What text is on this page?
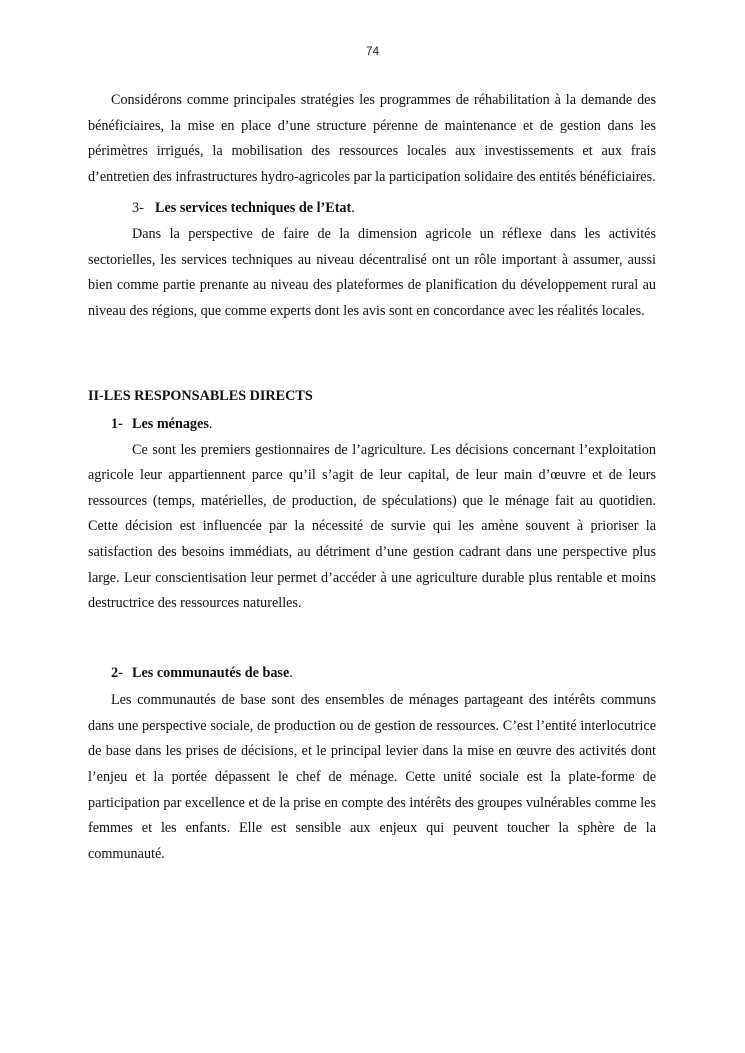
74

Considérons comme principales stratégies les programmes de réhabilitation à la demande des bénéficiaires, la mise en place d’une structure pérenne de maintenance et de gestion dans les périmètres irrigués, la mobilisation des ressources locales aux investissements et aux frais d’entretien des infrastructures hydro-agricoles par la participation solidaire des entités bénéficiaires.

3- Les services techniques de l’Etat.

Dans la perspective de faire de la dimension agricole un réflexe dans les activités sectorielles, les services techniques au niveau décentralisé ont un rôle important à assumer, aussi bien comme partie prenante au niveau des plateformes de planification du développement rural au niveau des régions, que comme experts dont les avis sont en concordance avec les réalités locales.

II-LES RESPONSABLES DIRECTS
1- Les ménages.

Ce sont les premiers gestionnaires de l’agriculture. Les décisions concernant l’exploitation agricole leur appartiennent parce qu’il s’agit de leur capital, de leur main d’œuvre et de leurs ressources (temps, matérielles, de production, de spéculations) que le ménage fait au quotidien. Cette décision est influencée par la nécessité de survie qui les amène souvent à prioriser la satisfaction des besoins immédiats, au détriment d’une gestion cadrant dans une perspective plus large. Leur conscientisation leur permet d’accéder à une agriculture durable plus rentable et moins destructrice des ressources naturelles.

2- Les communautés de base.

Les communautés de base sont des ensembles de ménages partageant des intérêts communs dans une perspective sociale, de production ou de gestion de ressources. C’est l’entité interlocutrice de base dans les prises de décisions, et le principal levier dans la mise en œuvre des activités dont l’enjeu et la portée dépassent le chef de ménage. Cette unité sociale est la plate-forme de participation par excellence et de la prise en compte des intérêts des groupes vulnérables comme les femmes et les enfants. Elle est sensible aux enjeux qui peuvent toucher la sphère de la communauté.
